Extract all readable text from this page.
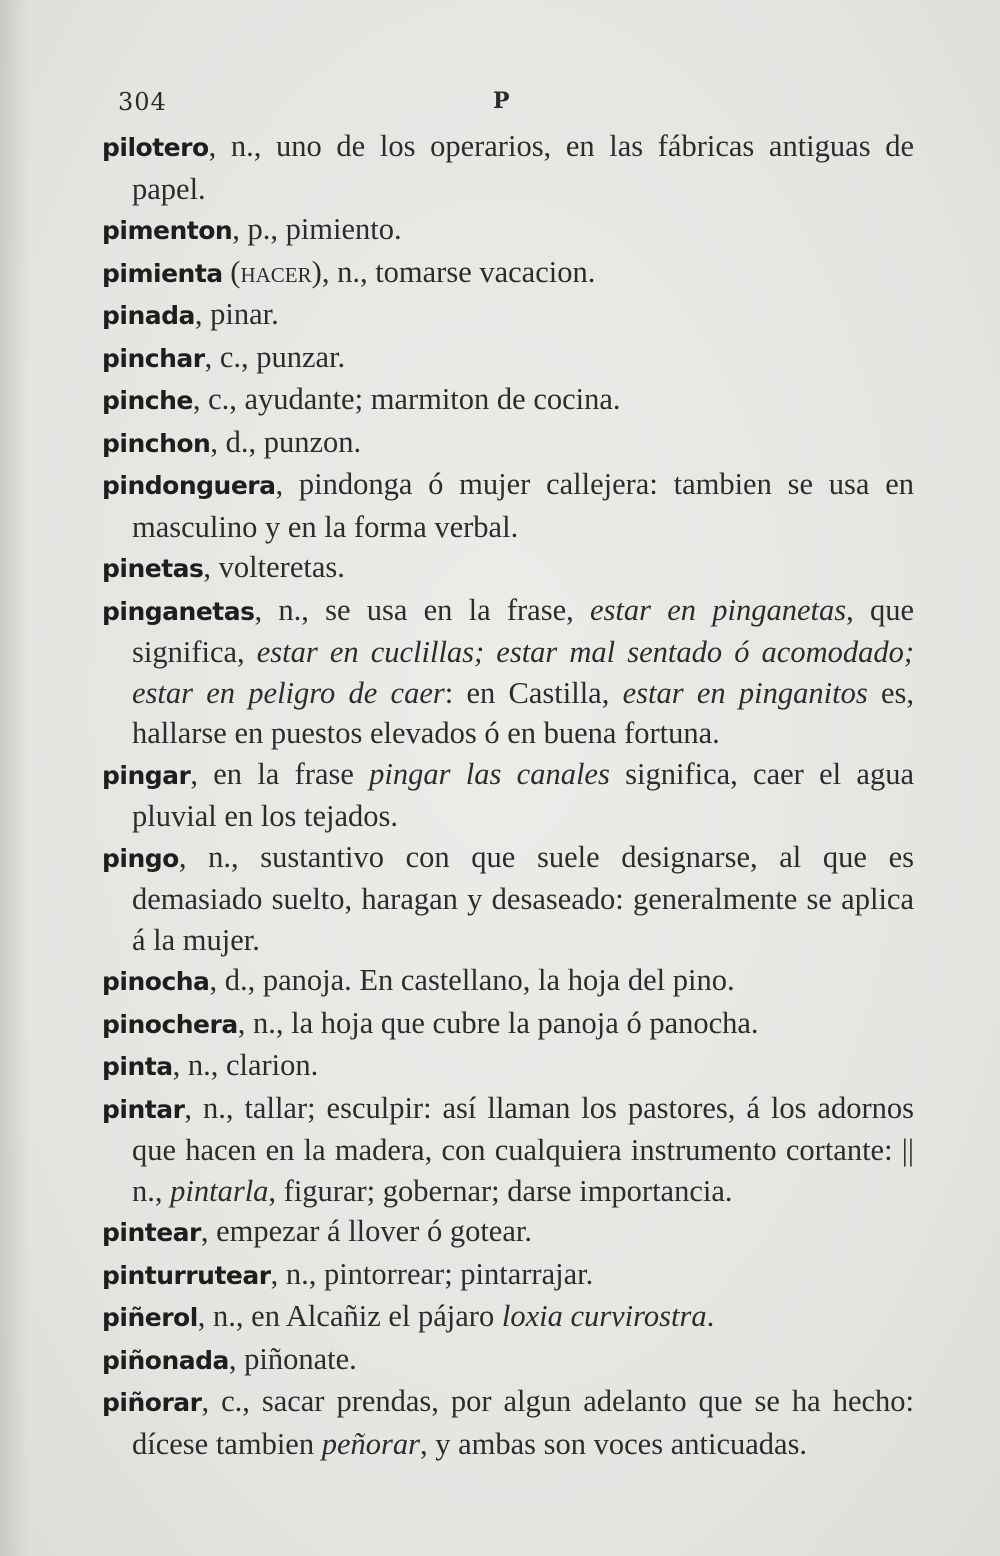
304	P
pilotero, n., uno de los operarios, en las fábricas antiguas de papel.
pimenton, p., pimiento.
pimienta (hacer), n., tomarse vacacion.
pinada, pinar.
pinchar, c., punzar.
pinche, c., ayudante; marmiton de cocina.
pinchon, d., punzon.
pindonguera, pindonga ó mujer callejera: tambien se usa en masculino y en la forma verbal.
pinetas, volteretas.
pinganetas, n., se usa en la frase, estar en pinganetas, que significa, estar en cuclillas; estar mal sentado ó acomodado; estar en peligro de caer: en Castilla, estar en pinganitos es, hallarse en puestos elevados ó en buena fortuna.
pingar, en la frase pingar las canales significa, caer el agua pluvial en los tejados.
pingo, n., sustantivo con que suele designarse, al que es demasiado suelto, haragan y desaseado: generalmente se aplica á la mujer.
pinocha, d., panoja. En castellano, la hoja del pino.
pinochera, n., la hoja que cubre la panoja ó panocha.
pinta, n., clarion.
pintar, n., tallar; esculpir: así llaman los pastores, á los adornos que hacen en la madera, con cualquiera instrumento cortante: || n., pintarla, figurar; gobernar; darse importancia.
pintear, empezar á llover ó gotear.
pinturrutear, n., pintorrear; pintarrajar.
piñerol, n., en Alcañiz el pájaro loxia curvirostra.
piñonada, piñonate.
piñorar, c., sacar prendas, por algun adelanto que se ha hecho: dícese tambien peñorar, y ambas son voces anticuadas.
